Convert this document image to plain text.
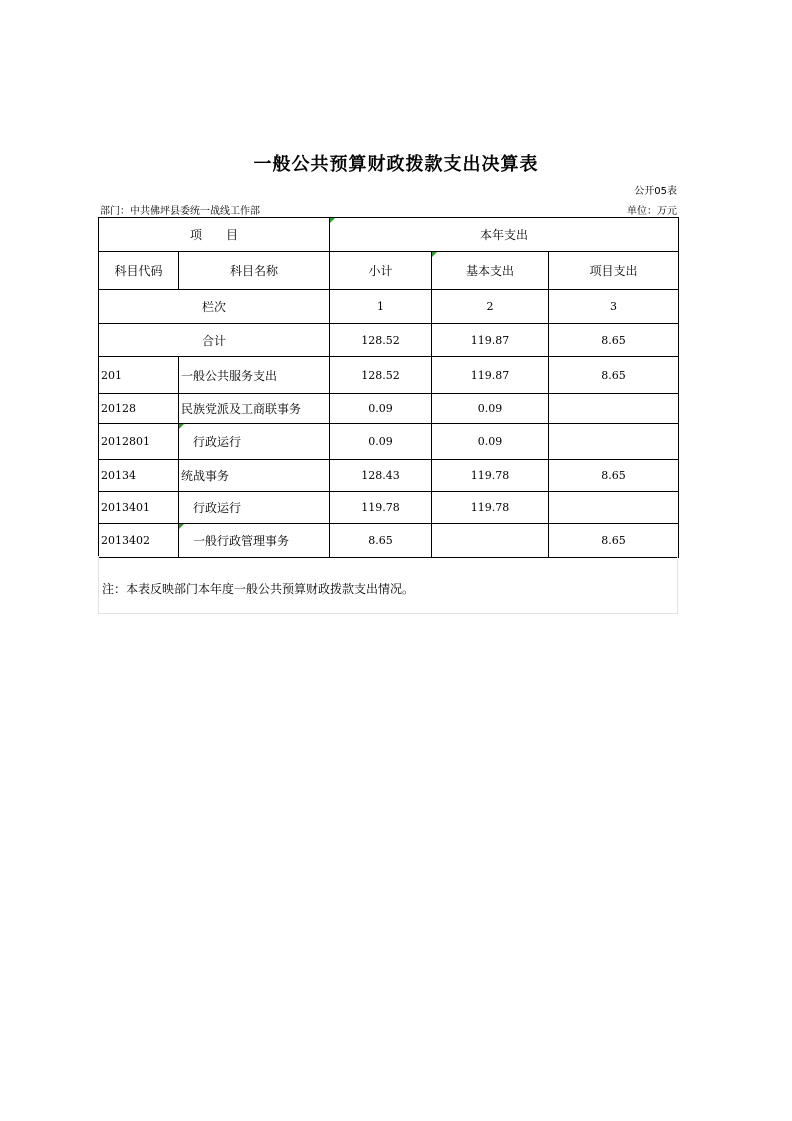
一般公共预算财政拨款支出决算表
公开05表
部门：中共佛坪县委统一战线工作部	单位：万元
项　　目		本年支出		
科目代码	科目名称	小计	基本支出	项目支出
栏次		1	2	3
合计		128.52	119.87	8.65
201	一般公共服务支出	128.52	119.87	8.65
20128	民族党派及工商联事务	0.09	0.09	
2012801	行政运行	0.09	0.09	
20134	统战事务	128.43	119.78	8.65
2013401	行政运行	119.78	119.78	
2013402	一般行政管理事务	8.65		8.65
注：本表反映部门本年度一般公共预算财政拨款支出情况。
